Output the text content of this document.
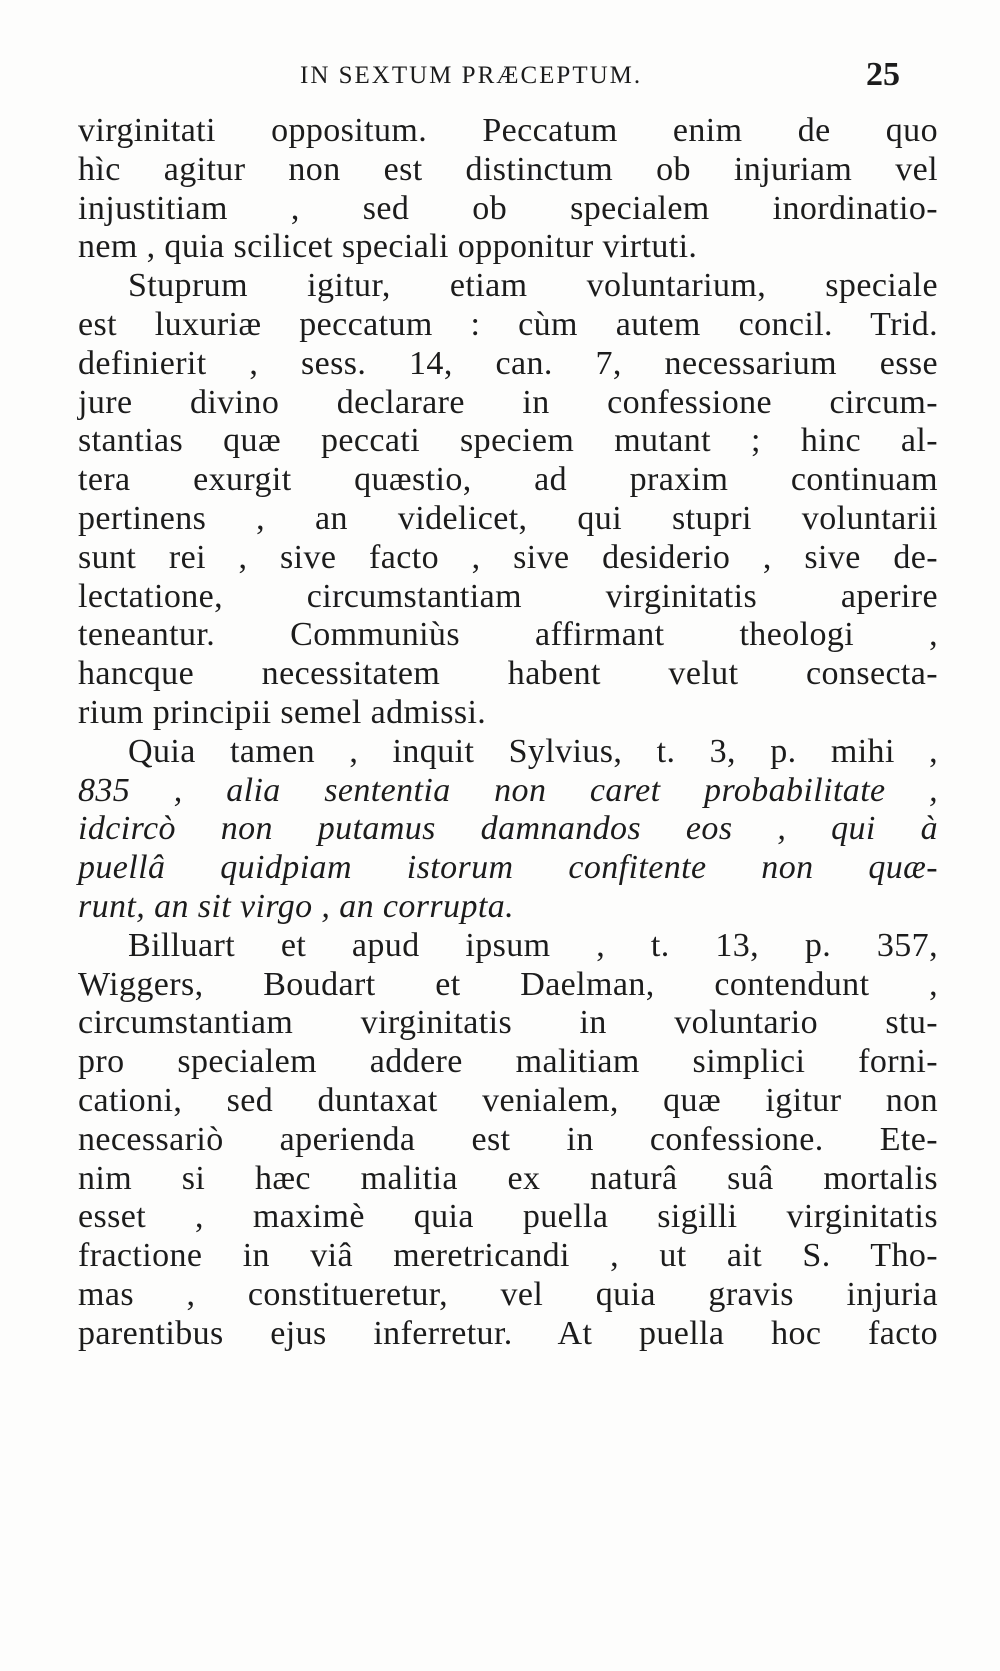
IN SEXTUM PRÆCEPTUM.	25
virginitati oppositum. Peccatum enim de quo
hìc agitur non est distinctum ob injuriam vel
injustitiam , sed ob specialem inordinatio-
nem , quia scilicet speciali opponitur virtuti.
Stuprum igitur, etiam voluntarium, speciale
est luxuriæ peccatum : cùm autem concil. Trid.
definierit , sess. 14, can. 7, necessarium esse
jure divino declarare in confessione circum-
stantias quæ peccati speciem mutant ; hinc al-
tera exurgit quæstio, ad praxim continuam
pertinens , an videlicet, qui stupri voluntarii
sunt rei , sive facto , sive desiderio , sive de-
lectatione, circumstantiam virginitatis aperire
teneantur. Communiùs affirmant theologi ,
hancque necessitatem habent velut consecta-
rium principii semel admissi.
Quia tamen , inquit Sylvius, t. 3, p. mihi ,
835 , alia sententia non caret probabilitate ,
idcircò non putamus damnandos eos , qui à
puellâ quidpiam istorum confitente non quæ-
runt, an sit virgo , an corrupta.
Billuart et apud ipsum , t. 13, p. 357,
Wiggers, Boudart et Daelman, contendunt ,
circumstantiam virginitatis in voluntario stu-
pro specialem addere malitiam simplici forni-
cationi, sed duntaxat venialem, quæ igitur non
necessariò aperienda est in confessione. Ete-
nim si hæc malitia ex naturâ suâ mortalis
esset , maximè quia puella sigilli virginitatis
fractione in viâ meretricandi , ut ait S. Tho-
mas , constitueretur, vel quia gravis injuria
parentibus ejus inferretur. At puella hoc facto
